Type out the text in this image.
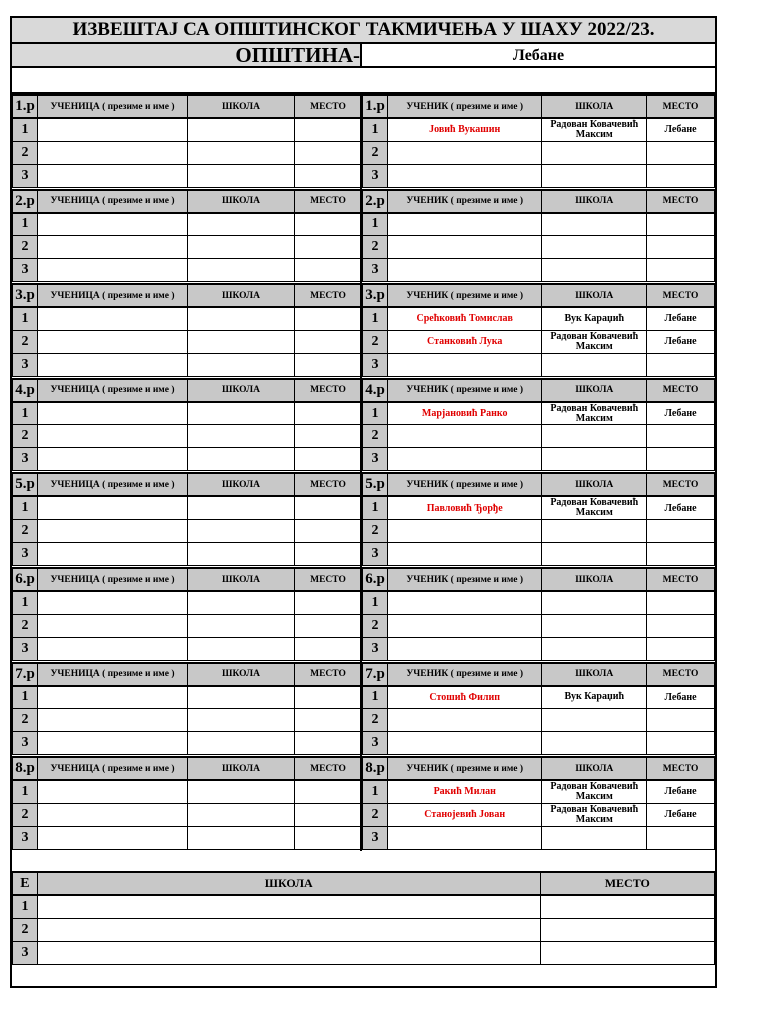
ИЗВЕШТАЈ СА ОПШТИНСКОГ ТАКМИЧЕЊА У ШАХУ 2022/23.
ОПШТИНА-	Лебане
1.р	УЧЕНИЦА ( презиме и име )	ШКОЛА	МЕСТО
1			
2			
3			
1.р	УЧЕНИК ( презиме и име )	ШКОЛА	МЕСТО
1	Јовић Вукашин	Радован Ковачевић Максим	Лебане
2			
3			
2.р	УЧЕНИЦА ( презиме и име )	ШКОЛА	МЕСТО
1			
2			
3			
2.р	УЧЕНИК ( презиме и име )	ШКОЛА	МЕСТО
1			
2			
3			
3.р	УЧЕНИЦА ( презиме и име )	ШКОЛА	МЕСТО
1			
2			
3			
3.р	УЧЕНИК ( презиме и име )	ШКОЛА	МЕСТО
1	Срећковић Томислав	Вук Караџић	Лебане
2	Станковић Лука	Радован Ковачевић Максим	Лебане
3			
4.р	УЧЕНИЦА ( презиме и име )	ШКОЛА	МЕСТО
1			
2			
3			
4.р	УЧЕНИК ( презиме и име )	ШКОЛА	МЕСТО
1	Марјановић Ранко	Радован Ковачевић Максим	Лебане
2			
3			
5.р	УЧЕНИЦА ( презиме и име )	ШКОЛА	МЕСТО
1			
2			
3			
5.р	УЧЕНИК ( презиме и име )	ШКОЛА	МЕСТО
1	Павловић Ђорђе	Радован Ковачевић Максим	Лебане
2			
3			
6.р	УЧЕНИЦА ( презиме и име )	ШКОЛА	МЕСТО
1			
2			
3			
6.р	УЧЕНИК ( презиме и име )	ШКОЛА	МЕСТО
1			
2			
3			
7.р	УЧЕНИЦА ( презиме и име )	ШКОЛА	МЕСТО
1			
2			
3			
7.р	УЧЕНИК ( презиме и име )	ШКОЛА	МЕСТО
1	Стошић Филип	Вук Караџић	Лебане
2			
3			
8.р	УЧЕНИЦА ( презиме и име )	ШКОЛА	МЕСТО
1			
2			
3			
8.р	УЧЕНИК ( презиме и име )	ШКОЛА	МЕСТО
1	Ракић Милан	Радован Ковачевић Максим	Лебане
2	Станојевић Јован	Радован Ковачевић Максим	Лебане
3			
Е	ШКОЛА	МЕСТО
1		
2		
3		
